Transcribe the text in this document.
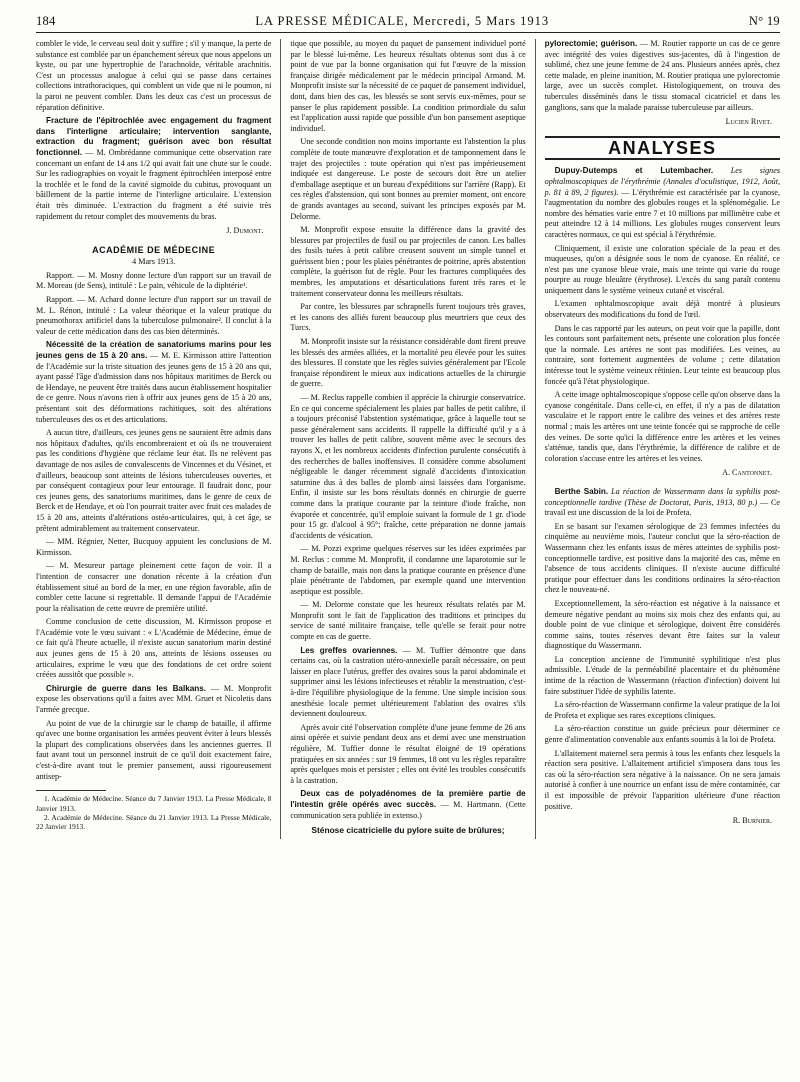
184	LA PRESSE MÉDICALE, Mercredi, 5 Mars 1913	N° 19

combler le vide, le cerveau seul doit y suffire ; s'il y manque, la perte de substance est comblée par un épanchement séreux que nous appelons un kyste, ou par une hypertrophie de l'arachnoïde, véritable arachnitis. C'est un processus analogue à celui qui se passe dans certaines collections intrathoraciques, qui comblent un vide que ni le poumon, ni la paroi ne peuvent combler. Dans les deux cas c'est un processus de réparation définitive.

Fracture de l'épitrochlée avec engagement du fragment dans l'interligne articulaire; intervention sanglante, extraction du fragment; guérison avec bon résultat fonctionnel. — M. Ombrédanne communique cette observation rare concernant un enfant de 14 ans 1/2 qui avait fait une chute sur le coude. Sur les radiographies on voyait le fragment épitrochléen interposé entre la trochlée et le fond de la cavité sigmoïde du cubitus, provoquant un bâillement de la partie interne de l'interligne articulaire. L'extension était très diminuée. L'extraction du fragment a été suivie très rapidement du retour complet des mouvements du bras.

J. Dumont.

ACADÉMIE DE MÉDECINE

4 Mars 1913.

Rapport. — M. Mosny donne lecture d'un rapport sur un travail de M. Moreau (de Sens), intitulé : Le pain, véhicule de la diphtérie¹.

Rapport. — M. Achard donne lecture d'un rapport sur un travail de M. L. Rénon, intitulé : La valeur théorique et la valeur pratique du pneumothorax artificiel dans la tuberculose pulmonaire². Il conclut à la valeur de cette médication dans des cas bien déterminés.

Nécessité de la création de sanatoriums marins pour les jeunes gens de 15 à 20 ans. — M. E. Kirmisson attire l'attention de l'Académie sur la triste situation des jeunes gens de 15 à 20 ans qui, ayant passé l'âge d'admission dans nos hôpitaux maritimes de Berck ou de Hendaye, ne peuvent être traités dans aucun établissement hospitalier de ce genre. Nous n'avons rien à offrir aux jeunes gens de 15 à 20 ans, présentant soit des déformations rachitiques, soit des altérations tuberculeuses des os et des articulations.

A aucun titre, d'ailleurs, ces jeunes gens ne sauraient être admis dans nos hôpitaux d'adultes, qu'ils encombreraient et où ils ne trouveraient pas les conditions d'hygiène que réclame leur état. Ils ne relèvent pas davantage de nos asiles de convalescents de Vincennes et du Vésinet, et d'ailleurs, beaucoup sont atteints de lésions tuberculeuses ouvertes, et par conséquent contagieux pour leur entourage. Il faudrait donc, pour ces jeunes gens, des sanatoriums maritimes, dans le genre de ceux de Berck et de Hendaye, et où l'on pourrait traiter avec fruit ces malades de 15 à 20 ans, atteints d'altérations ostéo-articulaires, qui, à cet âge, se prêtent admirablement au traitement conservateur.

— MM. Régnier, Netter, Bucquoy appuient les conclusions de M. Kirmisson.

— M. Mesureur partage pleinement cette façon de voir. Il a l'intention de consacrer une donation récente à la création d'un établissement situé au bord de la mer, en une région favorable, afin de combler cette lacune si regrettable. Il demande l'appui de l'Académie pour la réalisation de cette œuvre de première utilité.

Comme conclusion de cette discussion, M. Kirmisson propose et l'Académie vote le vœu suivant : « L'Académie de Médecine, émue de ce fait qu'à l'heure actuelle, il n'existe aucun sanatorium marin destiné aux jeunes gens de 15 à 20 ans, atteints de lésions osseuses ou articulaires, exprime le vœu que des fondations de cet ordre soient créées aussitôt que possible ».

Chirurgie de guerre dans les Balkans. — M. Monprofit expose les observations qu'il a faites avec MM. Gruet et Nicoletis dans l'armée grecque.

Au point de vue de la chirurgie sur le champ de bataille, il affirme qu'avec une bonne organisation les armées peuvent éviter à leurs blessés la plupart des complications observées dans les anciennes guerres. Il faut avant tout un personnel instruit de ce qu'il doit exactement faire, c'est-à-dire avant tout le premier pansement, aussi rigoureusement antisep-

1. Académie de Médecine. Séance du 7 Janvier 1913. La Presse Médicale, 8 Janvier 1913.

2. Académie de Médecine. Séance du 21 Janvier 1913. La Presse Médicale, 22 Janvier 1913.

tique que possible, au moyen du paquet de pansement individuel porté par le blessé lui-même. Les heureux résultats obtenus sont dus à ce point de vue par la bonne organisation qui fut l'œuvre de la mission française dirigée médicalement par le médecin principal Armand. M. Monprofit insiste sur la nécessité de ce paquet de pansement individuel, dont, dans bien des cas, les blessés se sont servis eux-mêmes, pour se panser le plus rapidement possible. La condition primordiale du salut est l'application aussi rapide que possible d'un bon pansement aseptique individuel.

Une seconde condition non moins importante est l'abstention la plus complète de toute manœuvre d'exploration et de tamponnement dans le trajet des projectiles : toute opération qui n'est pas impérieusement indiquée est dangereuse. Le poste de secours doit être un atelier d'emballage aseptique et un bureau d'expéditions sur l'arrière (Rapp). Et ces règles d'abstension, qui sont bonnes au premier moment, ont encore de grands avantages au second, suivant les principes exposés par M. Delorme.

M. Monprofit expose ensuite la différence dans la gravité des blessures par projectiles de fusil ou par projectiles de canon. Les balles des fusils tuées à petit calibre creusent souvent un simple tunnel et guérissent bien ; pour les plaies pénétrantes de poitrine, après abstention complète, la guérison fut de règle. Pour les fractures compliquées des membres, les amputations et désarticulations furent très rares et le traitement conservateur donna les meilleurs résultats.

Par contre, les blessures par schrapnells furent toujours très graves, et les canons des alliés furent beaucoup plus meurtriers que ceux des Turcs.

M. Monprofit insiste sur la résistance considérable dont firent preuve les blessés des armées alliées, et la mortalité peu élevée pour les suites des blessures. Il constate que les règles suivies généralement par l'Ecole française répondirent le mieux aux indications actuelles de la chirurgie de guerre.

— M. Reclus rappelle combien il apprécie la chirurgie conservatrice. En ce qui concerne spécialement les plaies par balles de petit calibre, il a toujours préconisé l'abstention systématique, grâce à laquelle tout se passe généralement sans accidents. Il rappelle la difficulté qu'il y a à trouver les balles de petit calibre, souvent même avec le secours des rayons X, et les nombreux accidents d'infection purulente consécutifs à des recherches de balles inoffensives. Il considère comme absolument négligeable le danger récemment signalé d'accidents d'intoxication saturnine dus à des balles de plomb ainsi laissées dans l'organisme. Enfin, il insiste sur les bons résultats donnés en chirurgie de guerre comme dans la pratique courante par la teinture d'iode fraîche, non évaporée et concentrée, qu'il emploie suivant la formule de 1 gr. d'iode pour 15 gr. d'alcool à 95°; fraîche, cette préparation ne donne jamais d'accidents de vésication.

— M. Pozzi exprime quelques réserves sur les idées exprimées par M. Reclus : comme M. Monprofit, il condamne une laparotomie sur le champ de bataille, mais non dans la pratique courante en présence d'une plaie pénétrante de l'abdomen, par exemple quand une intervention aseptique est possible.

— M. Delorme constate que les heureux résultats relatés par M. Monprofit sont le fait de l'application des traditions et principes du service de santé militaire française, telle qu'elle se ferait pour notre compte en cas de guerre.

Les greffes ovariennes. — M. Tuffier démontre que dans certains cas, où la castration utéro-annexielle paraît nécessaire, on peut laisser en place l'utérus, greffer des ovaires sous la paroi abdominale et supprimer ainsi les lésions infectieuses et rétablir la menstruation, c'est-à-dire l'équilibre physiologique de la femme. Une simple incision sous anesthésie locale permet ultérieurement l'ablation des ovaires s'ils deviennent douloureux.

Après avoir cité l'observation complète d'une jeune femme de 26 ans ainsi opérée et suivie pendant deux ans et demi avec une menstruation régulière, M. Tuffier donne le résultat éloigné de 19 opérations pratiquées en six années : sur 19 femmes, 18 ont vu les règles reparaître après quelques mois et persister ; elles ont évité les troubles consécutifs à la castration.

Deux cas de polyadénomes de la première partie de l'intestin grêle opérés avec succès. — M. Hartmann. (Cette communication sera publiée in extenso.)

Sténose cicatricielle du pylore suite de brûlures;

pylorectomie; guérison. — M. Routier rapporte un cas de ce genre avec intégrité des voies digestives sus-jacentes, dû à l'ingestion de sublimé, chez une jeune femme de 24 ans. Plusieurs années après, chez cette malade, en pleine inanition, M. Routier pratiqua une pylorectomie large, avec un succès complet. Histologiquement, on trouva des tubercules disséminés dans le tissu stomacal cicatriciel et dans les ganglions, sans que la malade paraisse tuberculeuse par ailleurs.

Lucien Rivet.

ANALYSES

Dupuy-Dutemps et Lutembacher. Les signes ophtalmoscopiques de l'érythrémie (Annales d'oculistique, 1912, Août, p. 81 à 89, 2 figures). — L'érythrémie est caractérisée par la cyanose, l'augmentation du nombre des globules rouges et la splénomégalie. Le nombre des hématies varie entre 7 et 10 millions par millimètre cube et peut atteindre 12 à 14 millions. Les globules rouges conservent leurs caractères normaux, ce qui est spécial à l'érythrémie.

Cliniquement, il existe une coloration spéciale de la peau et des muqueuses, qu'on a désignée sous le nom de cyanose. En réalité, ce n'est pas une cyanose bleue vraie, mais une teinte qui varie du rouge pourpre au rouge bleuâtre (érythrose). L'excès du sang paraît contenu uniquement dans le système veineux cutané et viscéral.

L'examen ophtalmoscopique avait déjà montré à plusieurs observateurs des modifications du fond de l'œil.

Dans le cas rapporté par les auteurs, on peut voir que la papille, dont les contours sont parfaitement nets, présente une coloration plus foncée que la normale. Les artères ne sont pas modifiées. Les veines, au contraire, sont fortement augmentées de volume ; cette dilatation intéresse tout le système veineux rétinien. Leur teinte est beaucoup plus foncée qu'à l'état physiologique.

A cette image ophtalmoscopique s'oppose celle qu'on observe dans la cyanose congénitale. Dans celle-ci, en effet, il n'y a pas de dilatation vasculaire et le rapport entre le calibre des veines et des artères reste normal ; mais les artères ont une teinte foncée qui se rapproche de celle des veines. De sorte qu'ici la différence entre les artères et les veines s'atténue, tandis que, dans l'érythrémie, la différence de calibre et de coloration s'accuse entre les artères et les veines.

A. Cantonnet.

Berthe Sabin. La réaction de Wassermann dans la syphilis post-conceptionnelle tardive (Thèse de Doctorat, Paris, 1913, 80 p.) — Ce travail est une discussion de la loi de Profeta.

En se basant sur l'examen sérologique de 23 femmes infectées du cinquième au neuvième mois, l'auteur conclut que la séro-réaction de Wassermann chez les enfants issus de mères atteintes de syphilis post-conceptionnelle tardive, est positive dans la majorité des cas, même en l'absence de tous accidents cliniques. Il n'existe aucune difficulté pratique pour effectuer dans les conditions ordinaires la séro-réaction chez le nouveau-né.

Exceptionnellement, la séro-réaction est négative à la naissance et demeure négative pendant au moins six mois chez des enfants qui, au double point de vue clinique et sérologique, doivent être considérés comme sains, toutes réserves devant être faites sur la valeur diagnostique du Wassermann.

La conception ancienne de l'immunité syphilitique n'est plus admissible. L'étude de la perméabilité placentaire et du phénomène intime de la réaction de Wassermann (réaction d'infection) doivent lui faire substituer l'idée de syphilis latente.

La séro-réaction de Wassermann confirme la valeur pratique de la loi de Profeta et explique ses rares exceptions cliniques.

La séro-réaction constitue un guide précieux pour déterminer ce genre d'alimentation convenable aux enfants soumis à la loi de Profeta.

L'allaitement maternel sera permis à tous les enfants chez lesquels la réaction sera positive. L'allaitement artificiel s'imposera dans tous les cas où la séro-réaction sera négative à la naissance. On ne sera jamais autorisé à confier à une nourrice un enfant issu de mère contaminée, car il est impossible de prévoir l'apparition ultérieure d'une réaction positive.

R. Burnier.
